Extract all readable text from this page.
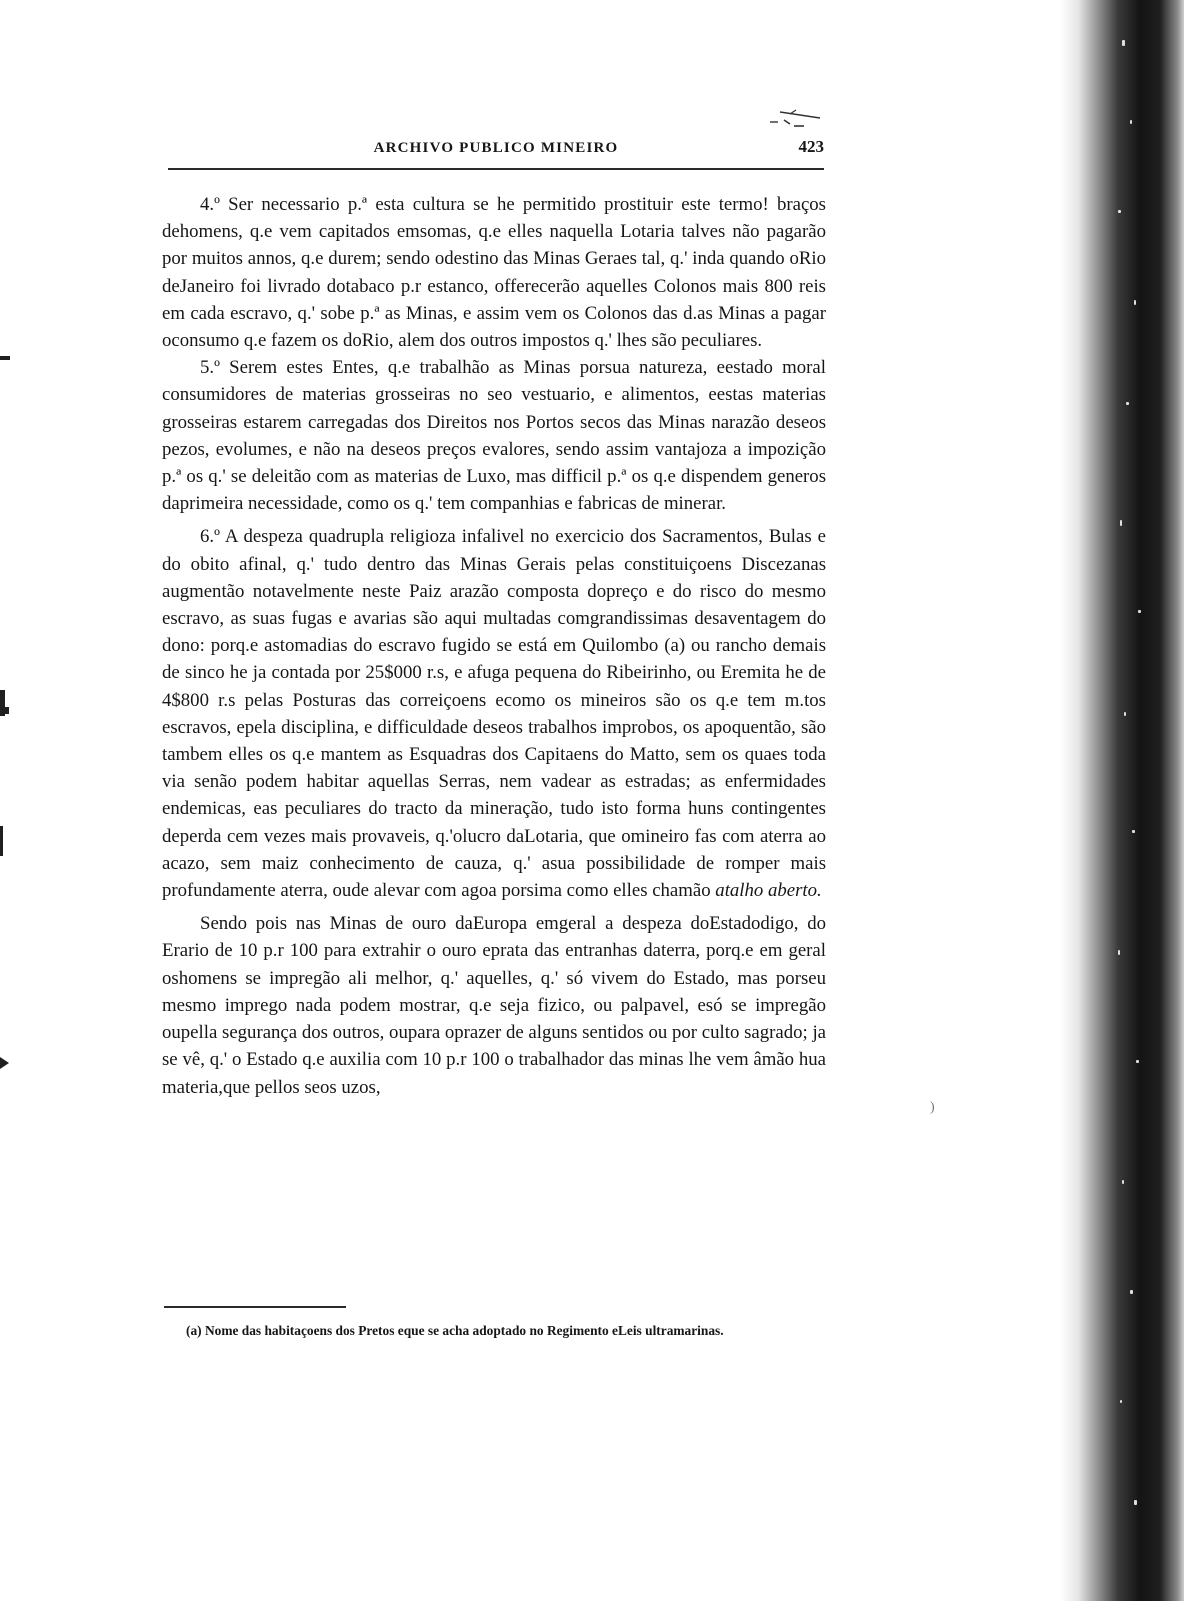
ARCHIVO PUBLICO MINEIRO	423

4.º Ser necessario p.ª esta cultura se he permitido prostituir este termo! braços dehomens, q.e vem capitados emsomas, q.e elles naquella Lotaria talves não pagarão por muitos annos, q.e durem; sendo odestino das Minas Geraes tal, q.' inda quando oRio deJaneiro foi livrado dotabaco p.r estanco, offerecerão aquelles Colonos mais 800 reis em cada escravo, q.' sobe p.ª as Minas, e assim vem os Colonos das d.as Minas a pagar oconsumo q.e fazem os doRio, alem dos outros impostos q.' lhes são peculiares.

5.º Serem estes Entes, q.e trabalhão as Minas porsua natureza, eestado moral consumidores de materias grosseiras no seo vestuario, e alimentos, eestas materias grosseiras estarem carregadas dos Direitos nos Portos secos das Minas narazão deseos pezos, evolumes, e não na deseos preços evalores, sendo assim vantajoza a impozição p.ª os q.' se deleitão com as materias de Luxo, mas difficil p.ª os q.e dispendem generos daprimeira necessidade, como os q.' tem companhias e fabricas de minerar.

6.º A despeza quadrupla religioza infalivel no exercicio dos Sacramentos, Bulas e do obito afinal, q.' tudo dentro das Minas Gerais pelas constituiçoens Discezanas augmentão notavelmente neste Paiz arazão composta dopreço e do risco do mesmo escravo, as suas fugas e avarias são aqui multadas comgrandissimas desaventagem do dono: porq.e astomadias do escravo fugido se está em Quilombo (a) ou rancho demais de sinco he ja contada por 25$000 r.s, e afuga pequena do Ribeirinho, ou Eremita he de 4$800 r.s pelas Posturas das correiçoens ecomo os mineiros são os q.e tem m.tos escravos, epela disciplina, e difficuldade deseos trabalhos improbos, os apoquentão, são tambem elles os q.e mantem as Esquadras dos Capitaens do Matto, sem os quaes toda via senão podem habitar aquellas Serras, nem vadear as estradas; as enfermidades endemicas, eas peculiares do tracto da mineração, tudo isto forma huns contingentes deperda cem vezes mais provaveis, q.'olucro daLotaria, que omineiro fas com aterra ao acazo, sem maiz conhecimento de cauza, q.' asua possibilidade de romper mais profundamente aterra, oude alevar com agoa porsima como elles chamão atalho aberto.

Sendo pois nas Minas de ouro daEuropa emgeral a despeza doEstadodigo, do Erario de 10 p.r 100 para extrahir o ouro eprata das entranhas daterra, porq.e em geral oshomens se impregão ali melhor, q.' aquelles, q.' só vivem do Estado, mas porseu mesmo imprego nada podem mostrar, q.e seja fizico, ou palpavel, esó se impregão oupella segurança dos outros, oupara oprazer de alguns sentidos ou por culto sagrado; ja se vê, q.' o Estado q.e auxilia com 10 p.r 100 o trabalhador das minas lhe vem âmão hua materia,que pellos seos uzos,

)
(a) Nome das habitaçoens dos Pretos eque se acha adoptado no Regimento eLeis ultramarinas.
